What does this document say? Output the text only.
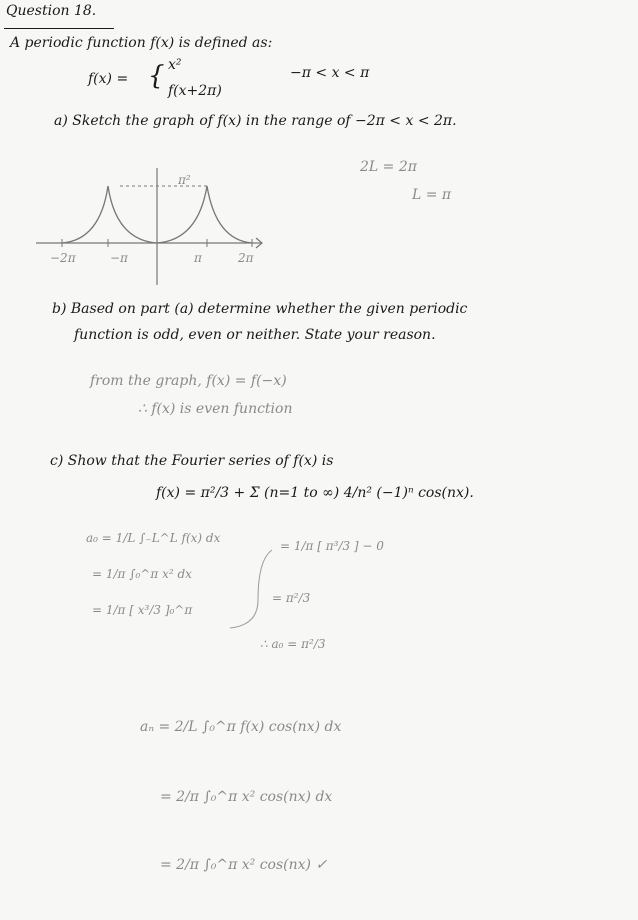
Question 18.
A periodic function f(x) is defined as:
f(x) = { x²
f(x+2π)
−π < x < π
a) Sketch the graph of f(x) in the range of −2π < x < 2π.
2L = 2π
L = π
π²
−2π	−π	π	2π
b) Based on part (a) determine whether the given periodic
function is odd, even or neither. State your reason.
from the graph, f(x) = f(−x)
∴ f(x) is even function
c) Show that the Fourier series of f(x) is
f(x) = π²/3 + Σ (n=1 to ∞) 4/n² (−1)ⁿ cos(nx).
a₀ = 1/L ∫₋L^L f(x) dx
= 1/π ∫₀^π x² dx
= 1/π [ x³/3 ]₀^π
= 1/π [ π³/3 ] − 0
= π²/3
∴ a₀ = π²/3
aₙ = 2/L ∫₀^π f(x) cos(nx) dx
= 2/π ∫₀^π x² cos(nx) dx
= 2/π ∫₀^π x² cos(nx) ✓
